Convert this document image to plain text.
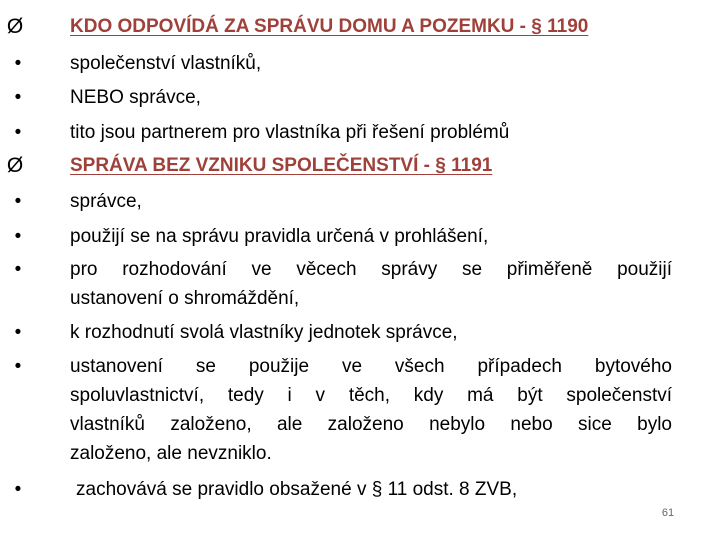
Ø KDO ODPOVÍDÁ ZA SPRÁVU DOMU A POZEMKU - § 1190
•	společenství vlastníků,
•	NEBO správce,
•	tito jsou partnerem pro vlastníka při řešení problémů
Ø SPRÁVA BEZ VZNIKU SPOLEČENSTVÍ - § 1191
•	správce,
•	použijí se na správu pravidla určená v prohlášení,
•	pro rozhodování ve věcech správy se přiměřeně použijí
ustanovení o shromáždění,
•	k rozhodnutí svolá vlastníky jednotek správce,
•	ustanovení se použije ve všech případech bytového
spoluvlastnictví, tedy i v těch, kdy má být společenství
vlastníků založeno, ale založeno nebylo nebo sice bylo
založeno, ale nevzniklo.
•	zachovává se pravidlo obsažené v § 11 odst. 8 ZVB,
61
